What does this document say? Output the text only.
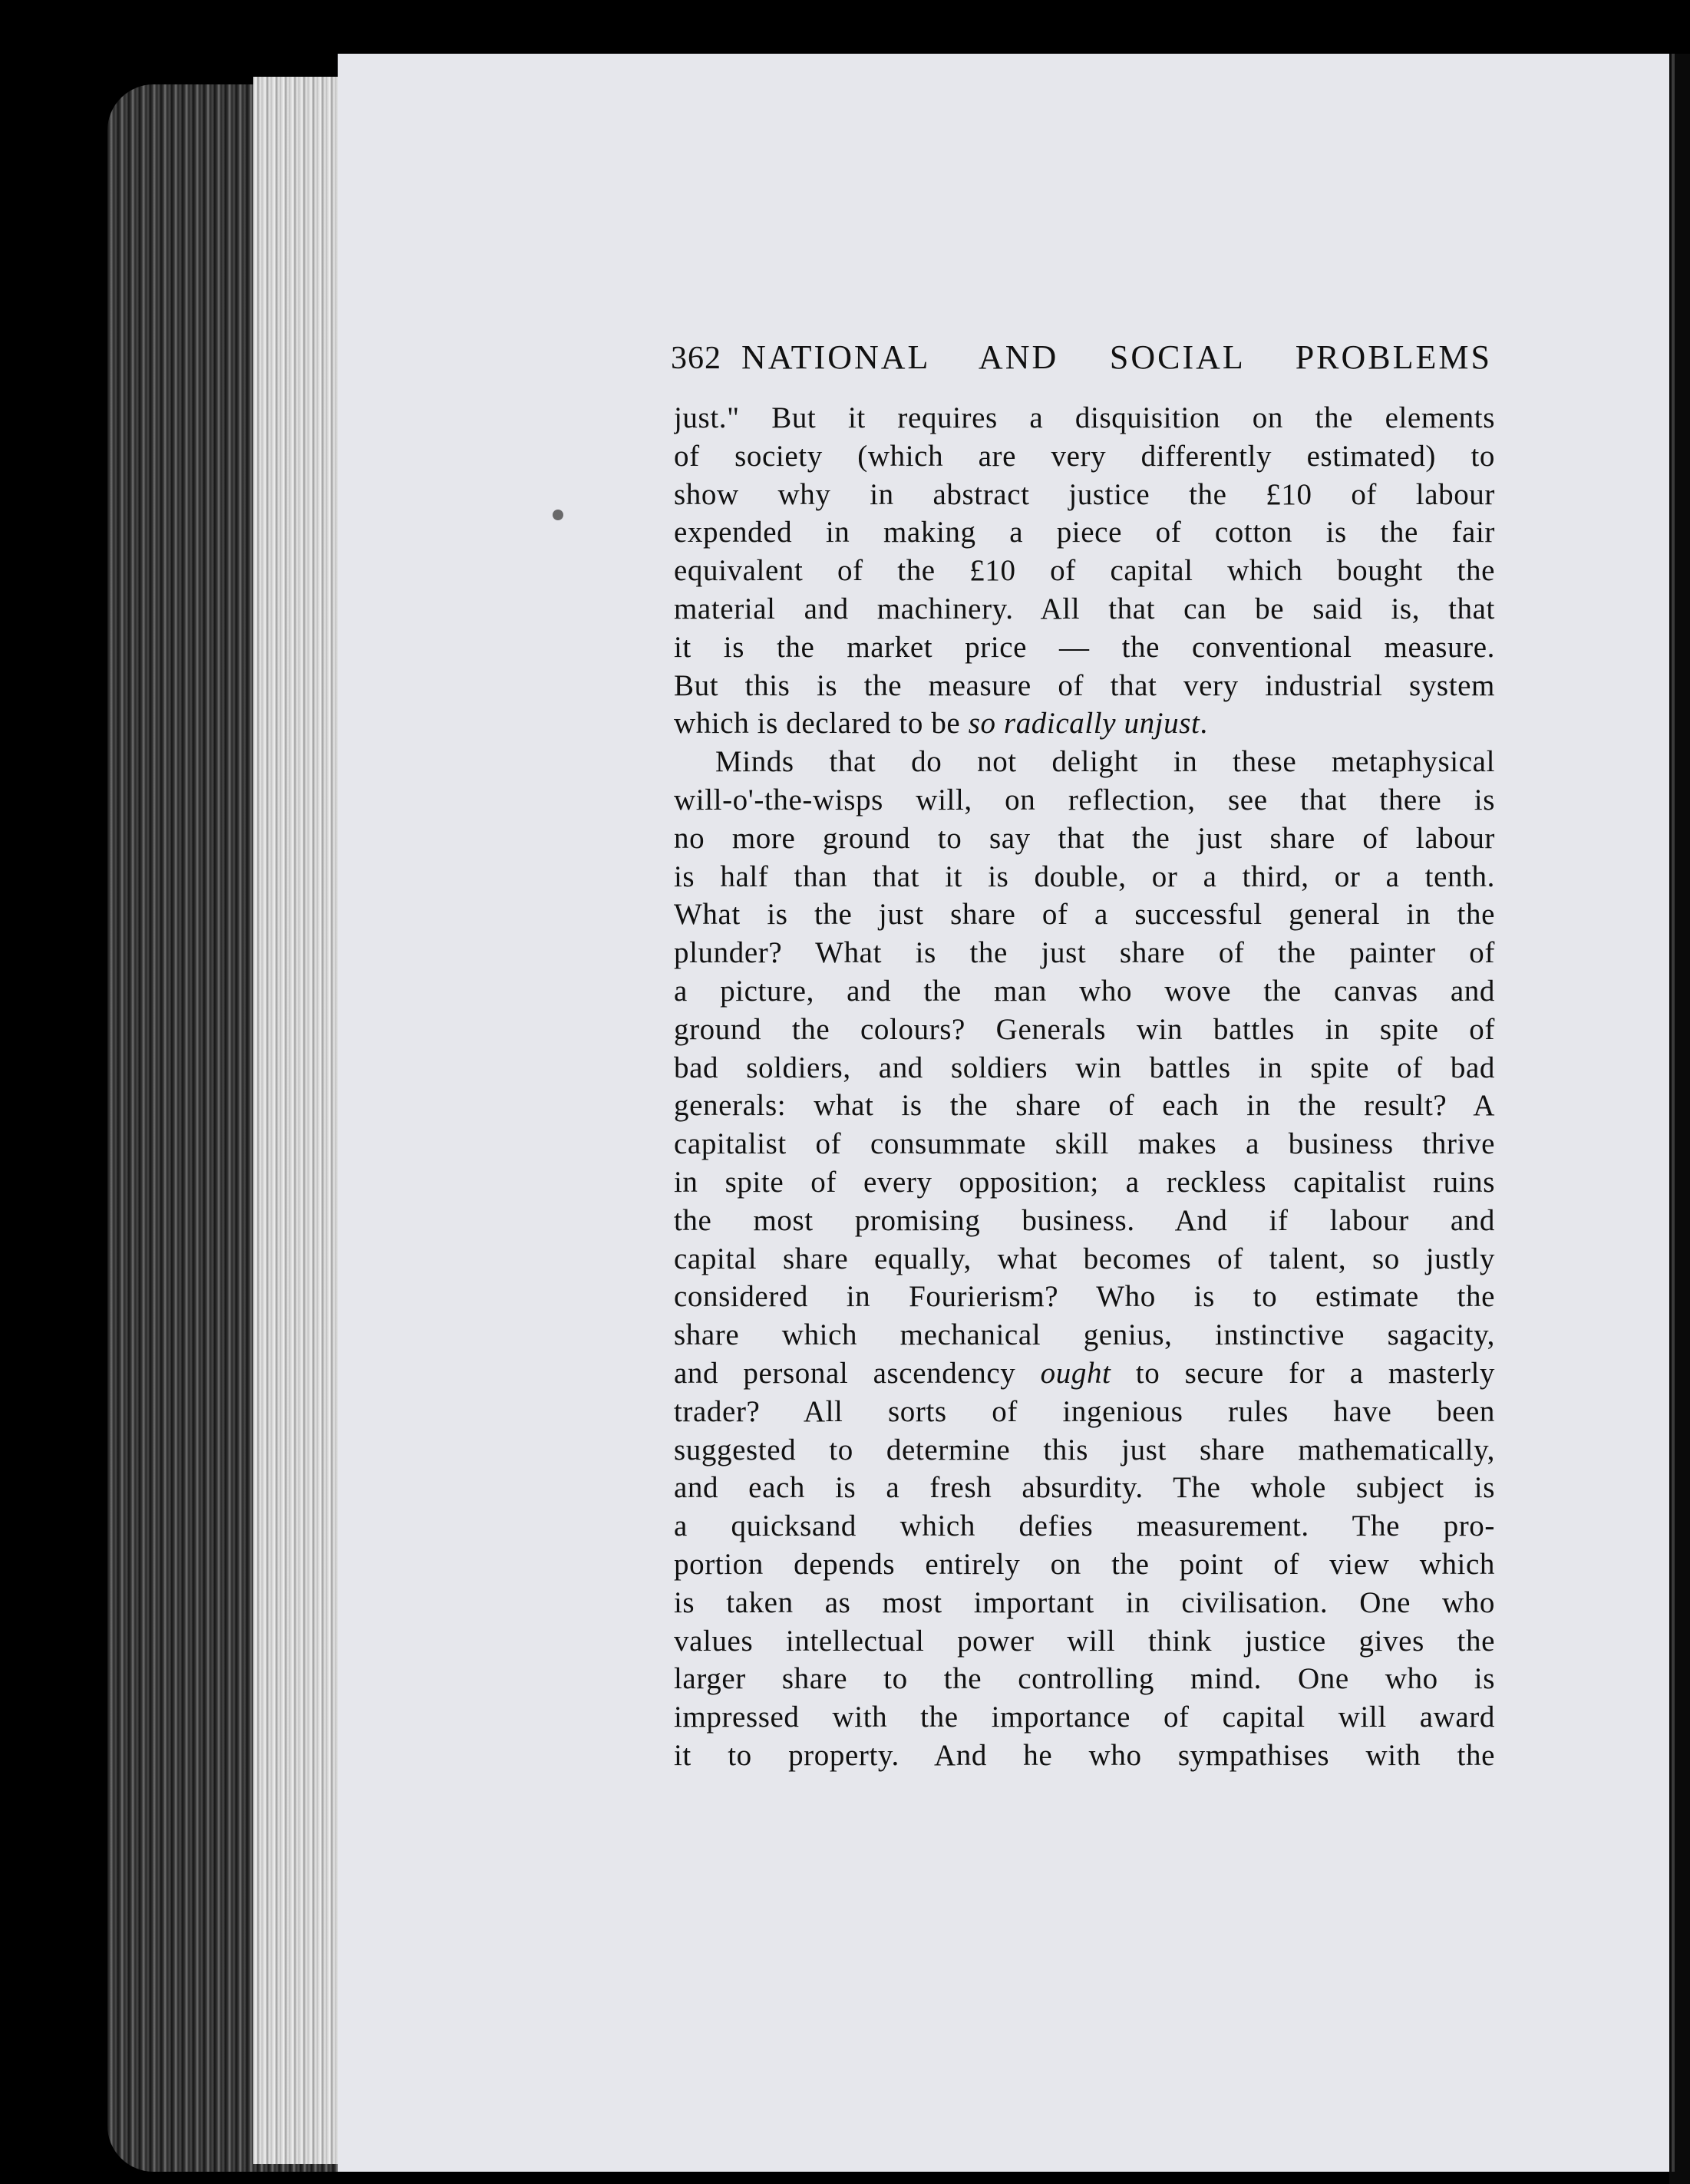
362 NATIONAL AND SOCIAL PROBLEMS
just." But it requires a disquisition on the elements
of society (which are very differently estimated) to
show why in abstract justice the £10 of labour
expended in making a piece of cotton is the fair
equivalent of the £10 of capital which bought the
material and machinery. All that can be said is, that
it is the market price — the conventional measure.
But this is the measure of that very industrial system
which is declared to be so radically unjust.
Minds that do not delight in these metaphysical
will-o'-the-wisps will, on reflection, see that there is
no more ground to say that the just share of labour
is half than that it is double, or a third, or a tenth.
What is the just share of a successful general in the
plunder? What is the just share of the painter of
a picture, and the man who wove the canvas and
ground the colours? Generals win battles in spite of
bad soldiers, and soldiers win battles in spite of bad
generals: what is the share of each in the result? A
capitalist of consummate skill makes a business thrive
in spite of every opposition; a reckless capitalist ruins
the most promising business. And if labour and
capital share equally, what becomes of talent, so justly
considered in Fourierism? Who is to estimate the
share which mechanical genius, instinctive sagacity,
and personal ascendency ought to secure for a masterly
trader? All sorts of ingenious rules have been
suggested to determine this just share mathematically,
and each is a fresh absurdity. The whole subject is
a quicksand which defies measurement. The pro-
portion depends entirely on the point of view which
is taken as most important in civilisation. One who
values intellectual power will think justice gives the
larger share to the controlling mind. One who is
impressed with the importance of capital will award
it to property. And he who sympathises with the
